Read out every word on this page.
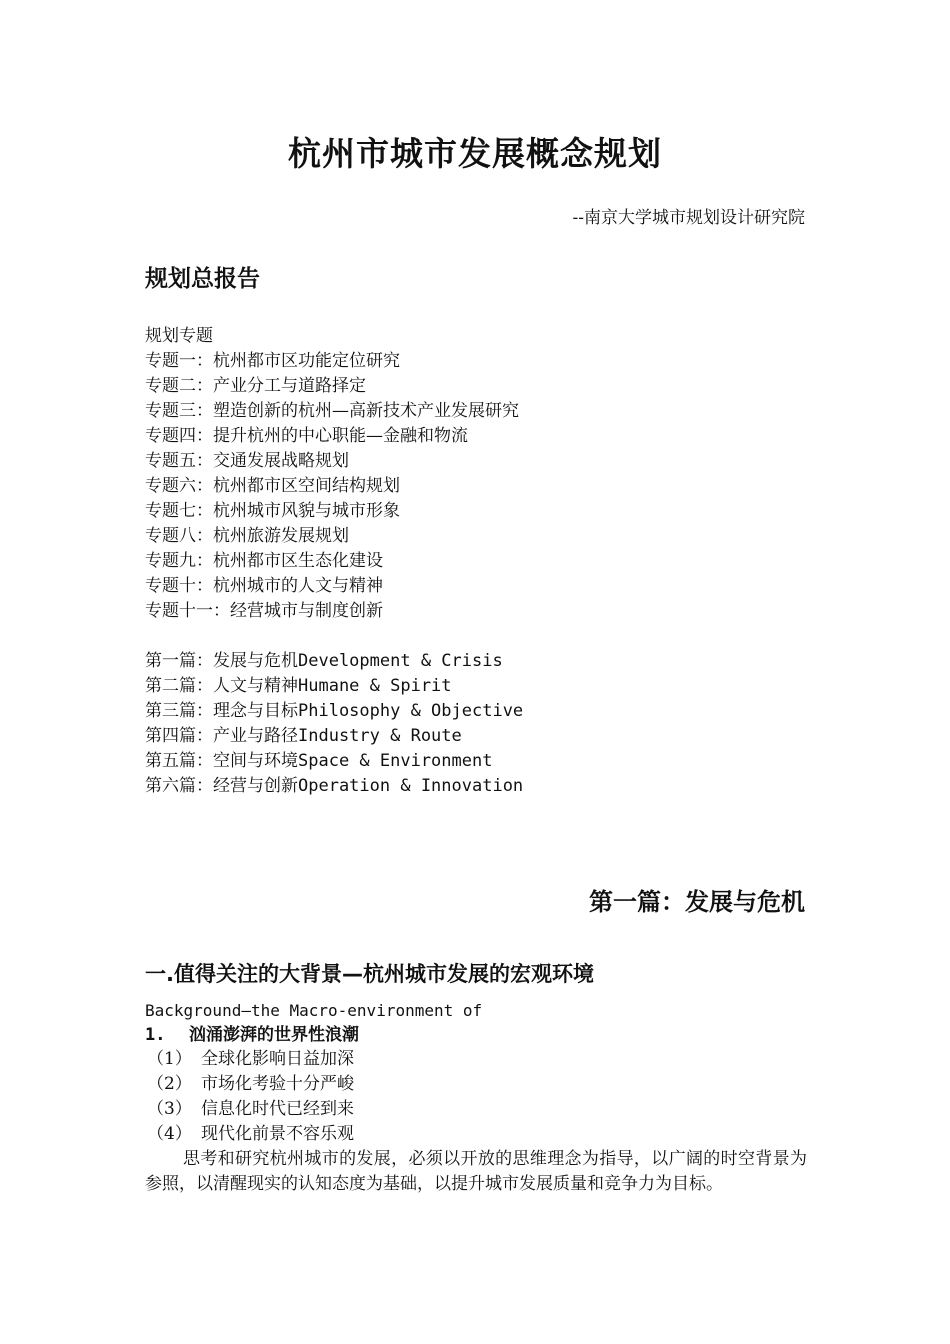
杭州市城市发展概念规划
--南京大学城市规划设计研究院
规划总报告
规划专题
专题一：杭州都市区功能定位研究
专题二：产业分工与道路择定
专题三：塑造创新的杭州—高新技术产业发展研究
专题四：提升杭州的中心职能—金融和物流
专题五：交通发展战略规划
专题六：杭州都市区空间结构规划
专题七：杭州城市风貌与城市形象
专题八：杭州旅游发展规划
专题九：杭州都市区生态化建设
专题十：杭州城市的人文与精神
专题十一：经营城市与制度创新
第一篇：发展与危机Development & Crisis
第二篇：人文与精神Humane & Spirit
第三篇：理念与目标Philosophy & Objective
第四篇：产业与路径Industry & Route
第五篇：空间与环境Space & Environment
第六篇：经营与创新Operation & Innovation
第一篇：发展与危机
一.值得关注的大背景—杭州城市发展的宏观环境
Background—the Macro-environment of
1. 汹涌澎湃的世界性浪潮
（1） 全球化影响日益加深
（2） 市场化考验十分严峻
（3） 信息化时代已经到来
（4） 现代化前景不容乐观

思考和研究杭州城市的发展，必须以开放的思维理念为指导，以广阔的时空背景为参照，以清醒现实的认知态度为基础，以提升城市发展质量和竞争力为目标。
